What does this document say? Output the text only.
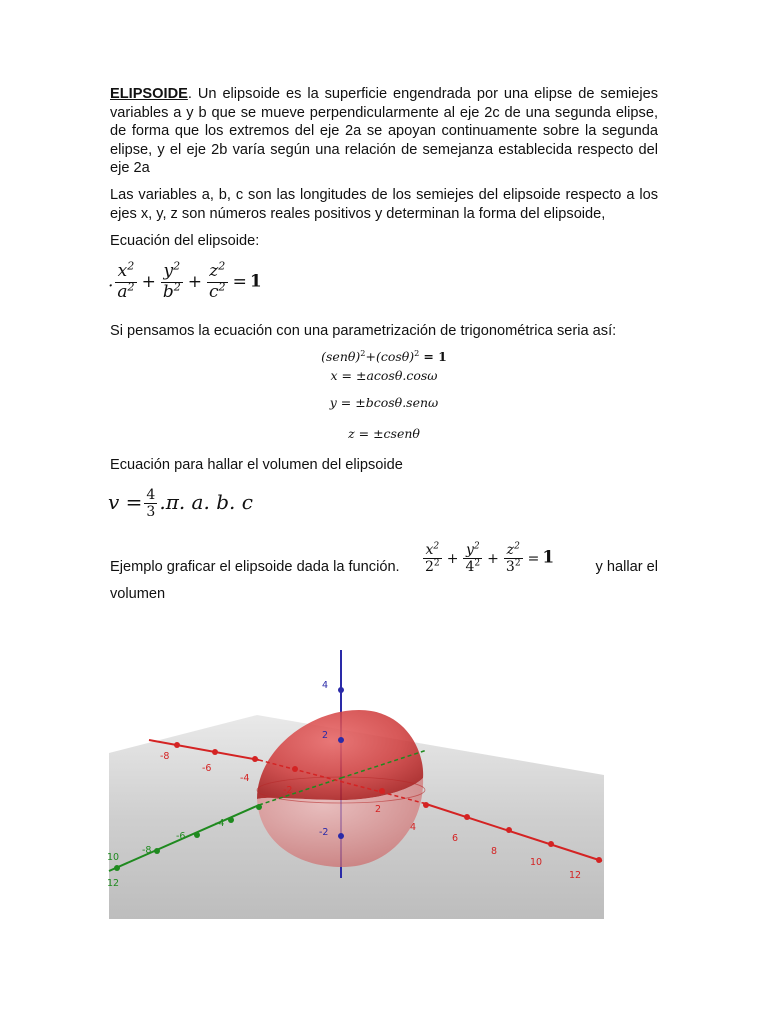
ELIPSOIDE. Un elipsoide es la superficie engendrada por una elipse de semiejes variables a y b que se mueve perpendicularmente al eje 2c de una segunda elipse, de forma que los extremos del eje 2a se apoyan continuamente sobre la segunda elipse, y el eje 2b varía según una relación de semejanza establecida respecto del eje 2a
Las variables a, b, c son las longitudes de los semiejes del elipsoide respecto a los ejes x, y, z son números reales positivos y determinan la forma del elipsoide,
Ecuación del elipsoide:
. $\frac{x^2}{a^2} + \frac{y^2}{b^2} + \frac{z^2}{c^2} = 1$
Si pensamos la ecuación con una parametrización de trigonométrica seria así:
$(sen\theta)^2+(\cos\theta)^2 = 1$
x = ±acosθ.cosω
y = ±bcosθ.senω
z = ±csenθ
Ecuación para hallar el volumen del elipsoide
$v = \frac{4}{3} .\pi$. a. b. c
Ejemplo graficar el elipsoide dada la función. $\frac{x^2}{2^2} + \frac{y^2}{4^2} + \frac{z^2}{3^2} = 1$	y hallar el
volumen
4
2
-2
-8
-6
-4
-2
2
4
6
8
10
12
-4
-6
-8
10
12
